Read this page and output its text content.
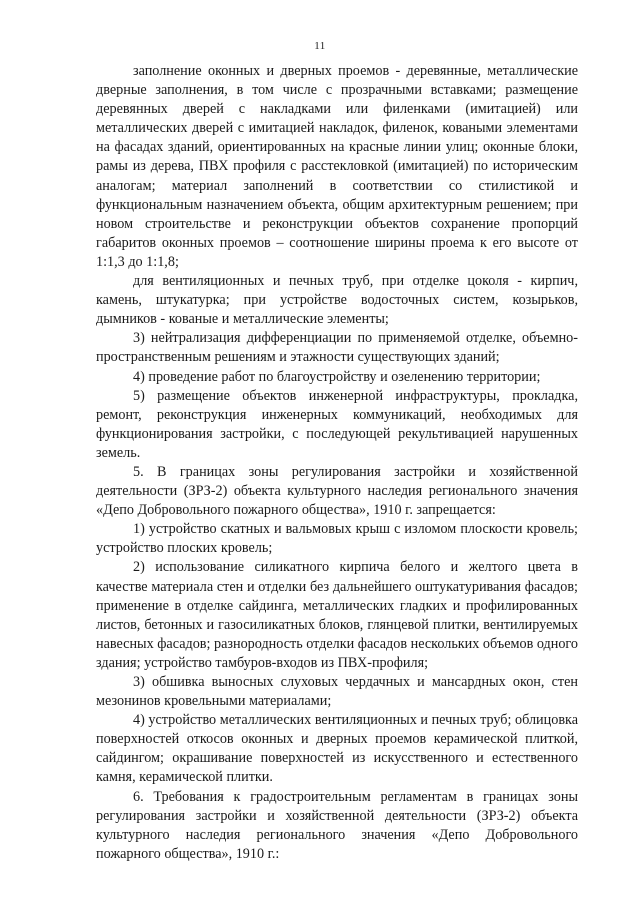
11

заполнение оконных и дверных проемов - деревянные, металлические дверные заполнения, в том числе с прозрачными вставками; размещение деревянных дверей с накладками или филенками (имитацией) или металлических дверей с имитацией накладок, филенок, коваными элементами на фасадах зданий, ориентированных на красные линии улиц; оконные блоки, рамы из дерева, ПВХ профиля с расстекловкой (имитацией) по историческим аналогам; материал заполнений в соответствии со стилистикой и функциональным назначением объекта, общим архитектурным решением; при новом строительстве и реконструкции объектов сохранение пропорций габаритов оконных проемов – соотношение ширины проема к его высоте от 1:1,3 до 1:1,8;

для вентиляционных и печных труб, при отделке цоколя - кирпич, камень, штукатурка; при устройстве водосточных систем, козырьков, дымников - кованые и металлические элементы;

3) нейтрализация дифференциации по применяемой отделке, объемно-пространственным решениям и этажности существующих зданий;

4) проведение работ по благоустройству и озеленению территории;

5) размещение объектов инженерной инфраструктуры, прокладка, ремонт, реконструкция инженерных коммуникаций, необходимых для функционирования застройки, с последующей рекультивацией нарушенных земель.

5. В границах зоны регулирования застройки и хозяйственной деятельности (ЗРЗ-2) объекта культурного наследия регионального значения «Депо Добровольного пожарного общества», 1910 г. запрещается:

1) устройство скатных и вальмовых крыш с изломом плоскости кровель; устройство плоских кровель;

2) использование силикатного кирпича белого и желтого цвета в качестве материала стен и отделки без дальнейшего оштукатуривания фасадов; применение в отделке сайдинга, металлических гладких и профилированных листов, бетонных и газосиликатных блоков, глянцевой плитки, вентилируемых навесных фасадов; разнородность отделки фасадов нескольких объемов одного здания; устройство тамбуров-входов из ПВХ-профиля;

3) обшивка выносных слуховых чердачных и мансардных окон, стен мезонинов кровельными материалами;

4) устройство металлических вентиляционных и печных труб; облицовка поверхностей откосов оконных и дверных проемов керамической плиткой, сайдингом; окрашивание поверхностей из искусственного и естественного камня, керамической плитки.

6. Требования к градостроительным регламентам в границах зоны регулирования застройки и хозяйственной деятельности (ЗРЗ-2) объекта культурного наследия регионального значения «Депо Добровольного пожарного общества», 1910 г.:
